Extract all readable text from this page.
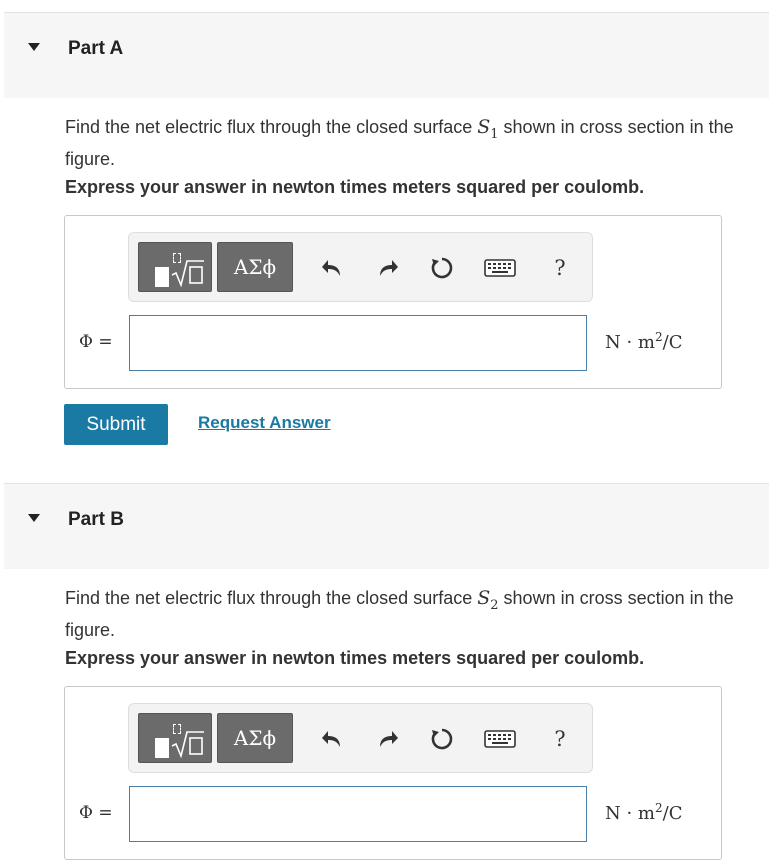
Part A
Find the net electric flux through the closed surface $S_1$ shown in cross section in the figure.
Express your answer in newton times meters squared per coulomb.
ΑΣϕ	?
Φ =	$N \cdot m^2/C$
Submit	Request Answer
Part B
Find the net electric flux through the closed surface $S_2$ shown in cross section in the figure.
Express your answer in newton times meters squared per coulomb.
ΑΣϕ	?
Φ =	$N \cdot m^2/C$
